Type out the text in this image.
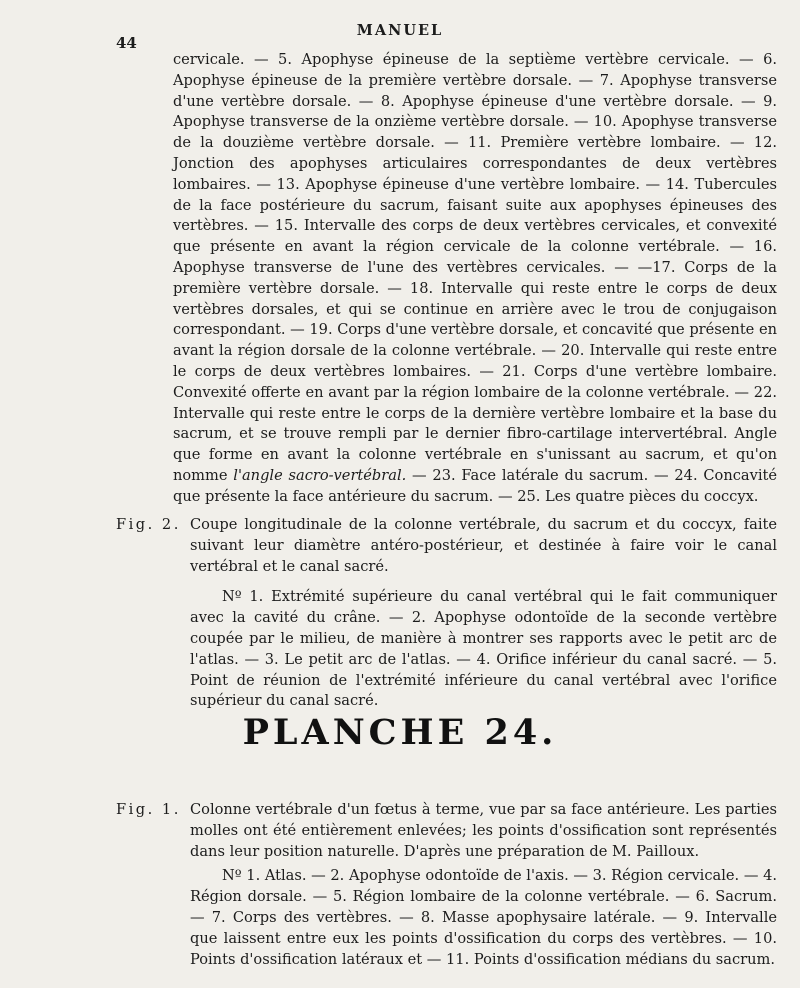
MANUEL
44
cervicale. — 5. Apophyse épineuse de la septième vertèbre cervicale. — 6. Apophyse épineuse de la première vertèbre dorsale. — 7. Apophyse transverse d'une vertèbre dorsale. — 8. Apophyse épineuse d'une vertèbre dorsale. — 9. Apophyse transverse de la onzième vertèbre dorsale. — 10. Apophyse transverse de la douzième vertèbre dorsale. — 11. Première vertèbre lombaire. — 12. Jonction des apophyses articulaires correspondantes de deux vertèbres lombaires. — 13. Apophyse épineuse d'une vertèbre lombaire. — 14. Tubercules de la face postérieure du sacrum, faisant suite aux apophyses épineuses des vertèbres. — 15. Intervalle des corps de deux vertèbres cervicales, et convexité que présente en avant la région cervicale de la colonne vertébrale. — 16. Apophyse transverse de l'une des vertèbres cervicales. — —17. Corps de la première vertèbre dorsale. — 18. Intervalle qui reste entre le corps de deux vertèbres dorsales, et qui se continue en arrière avec le trou de conjugaison correspondant. — 19. Corps d'une vertèbre dorsale, et concavité que présente en avant la région dorsale de la colonne vertébrale. — 20. Intervalle qui reste entre le corps de deux vertèbres lombaires. — 21. Corps d'une vertèbre lombaire. Convexité offerte en avant par la région lombaire de la colonne vertébrale. — 22. Intervalle qui reste entre le corps de la dernière vertèbre lombaire et la base du sacrum, et se trouve rempli par le dernier fibro-cartilage intervertébral. Angle que forme en avant la colonne vertébrale en s'unissant au sacrum, et qu'on nomme l'angle sacro-vertébral. — 23. Face latérale du sacrum. — 24. Concavité que présente la face antérieure du sacrum. — 25. Les quatre pièces du coccyx.
Fig. 2. Coupe longitudinale de la colonne vertébrale, du sacrum et du coccyx, faite suivant leur diamètre antéro-postérieur, et destinée à faire voir le canal vertébral et le canal sacré.
Nº 1. Extrémité supérieure du canal vertébral qui le fait communiquer avec la cavité du crâne. — 2. Apophyse odontoïde de la seconde vertèbre coupée par le milieu, de manière à montrer ses rapports avec le petit arc de l'atlas. — 3. Le petit arc de l'atlas. — 4. Orifice inférieur du canal sacré. — 5. Point de réunion de l'extrémité inférieure du canal vertébral avec l'orifice supérieur du canal sacré.
PLANCHE 24.
Fig. 1. Colonne vertébrale d'un fœtus à terme, vue par sa face antérieure. Les parties molles ont été entièrement enlevées; les points d'ossification sont représentés dans leur position naturelle. D'après une préparation de M. Pailloux.
Nº 1. Atlas. — 2. Apophyse odontoïde de l'axis. — 3. Région cervicale. — 4. Région dorsale. — 5. Région lombaire de la colonne vertébrale. — 6. Sacrum. — 7. Corps des vertèbres. — 8. Masse apophysaire latérale. — 9. Intervalle que laissent entre eux les points d'ossification du corps des vertèbres. — 10. Points d'ossification latéraux et — 11. Points d'ossification médians du sacrum.
